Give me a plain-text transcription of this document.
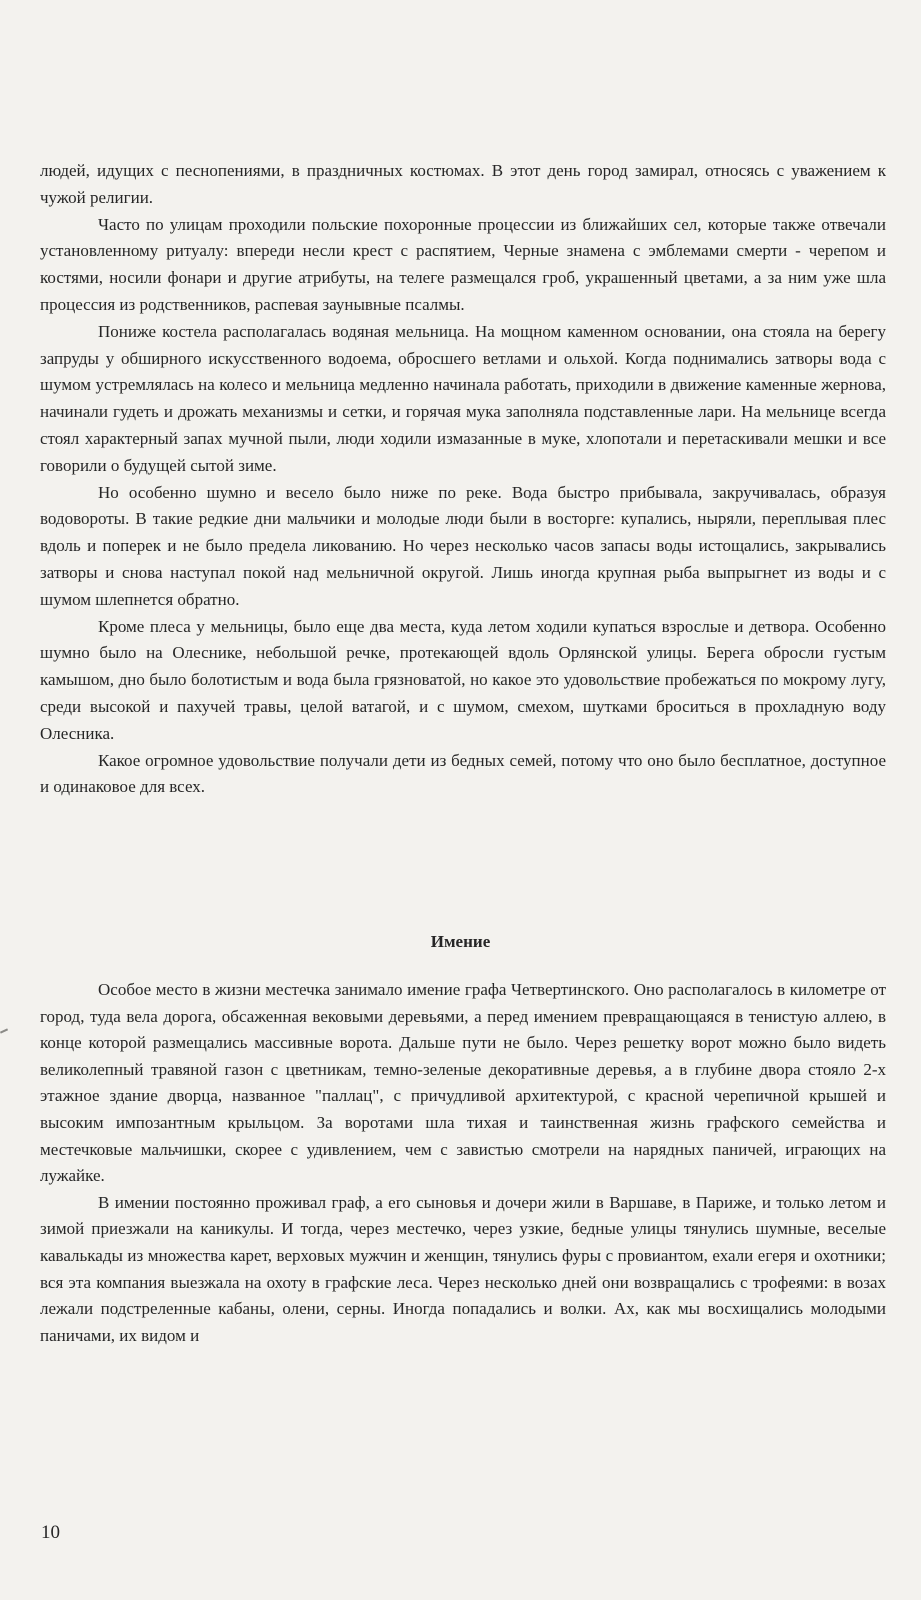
людей, идущих с песнопениями, в праздничных костюмах. В этот день город замирал, относясь с уважением к чужой религии.

Часто по улицам проходили польские похоронные процессии из ближайших сел, которые также отвечали установленному ритуалу: впереди несли крест с распятием, Черные знамена с эмблемами смерти - черепом и костями, носили фонари и другие атрибуты, на телеге размещался гроб, украшенный цветами, а за ним уже шла процессия из родственников, распевая заунывные псалмы.

Пониже костела располагалась водяная мельница. На мощном каменном основании, она стояла на берегу запруды у обширного искусственного водоема, обросшего ветлами и ольхой. Когда поднимались затворы вода с шумом устремлялась на колесо и мельница медленно начинала работать, приходили в движение каменные жернова, начинали гудеть и дрожать механизмы и сетки, и горячая мука заполняла подставленные лари. На мельнице всегда стоял характерный запах мучной пыли, люди ходили измазанные в муке, хлопотали и перетаскивали мешки и все говорили о будущей сытой зиме.

Но особенно шумно и весело было ниже по реке. Вода быстро прибывала, закручивалась, образуя водовороты. В такие редкие дни мальчики и молодые люди были в восторге: купались, ныряли, переплывая плес вдоль и поперек и не было предела ликованию. Но через несколько часов запасы воды истощались, закрывались затворы и снова наступал покой над мельничной округой. Лишь иногда крупная рыба выпрыгнет из воды и с шумом шлепнется обратно.

Кроме плеса у мельницы, было еще два места, куда летом ходили купаться взрослые и детвора. Особенно шумно было на Олеснике, небольшой речке, протекающей вдоль Орлянской улицы. Берега обросли густым камышом, дно было болотистым и вода была грязноватой, но какое это удовольствие пробежаться по мокрому лугу, среди высокой и пахучей травы, целой ватагой, и с шумом, смехом, шутками броситься в прохладную воду Олесника.

Какое огромное удовольствие получали дети из бедных семей, потому что оно было бесплатное, доступное и одинаковое для всех.

Имение

Особое место в жизни местечка занимало имение графа Четвертинского. Оно располагалось в километре от город, туда вела дорога, обсаженная вековыми деревьями, а перед имением превращающаяся в тенистую аллею, в конце которой размещались массивные ворота. Дальше пути не было. Через решетку ворот можно было видеть великолепный травяной газон с цветникам, темно-зеленые декоративные деревья, а в глубине двора стояло 2-х этажное здание дворца, названное "паллац", с причудливой архитектурой, с красной черепичной крышей и высоким импозантным крыльцом. За воротами шла тихая и таинственная жизнь графского семейства и местечковые мальчишки, скорее с удивлением, чем с завистью смотрели на нарядных паничей, играющих на лужайке.

В имении постоянно проживал граф, а его сыновья и дочери жили в Варшаве, в Париже, и только летом и зимой приезжали на каникулы. И тогда, через местечко, через узкие, бедные улицы тянулись шумные, веселые кавалькады из множества карет, верховых мужчин и женщин, тянулись фуры с провиантом, ехали егеря и охотники; вся эта компания выезжала на охоту в графские леса. Через несколько дней они возвращались с трофеями: в возах лежали подстреленные кабаны, олени, серны. Иногда попадались и волки. Ах, как мы восхищались молодыми паничами, их видом и

10
